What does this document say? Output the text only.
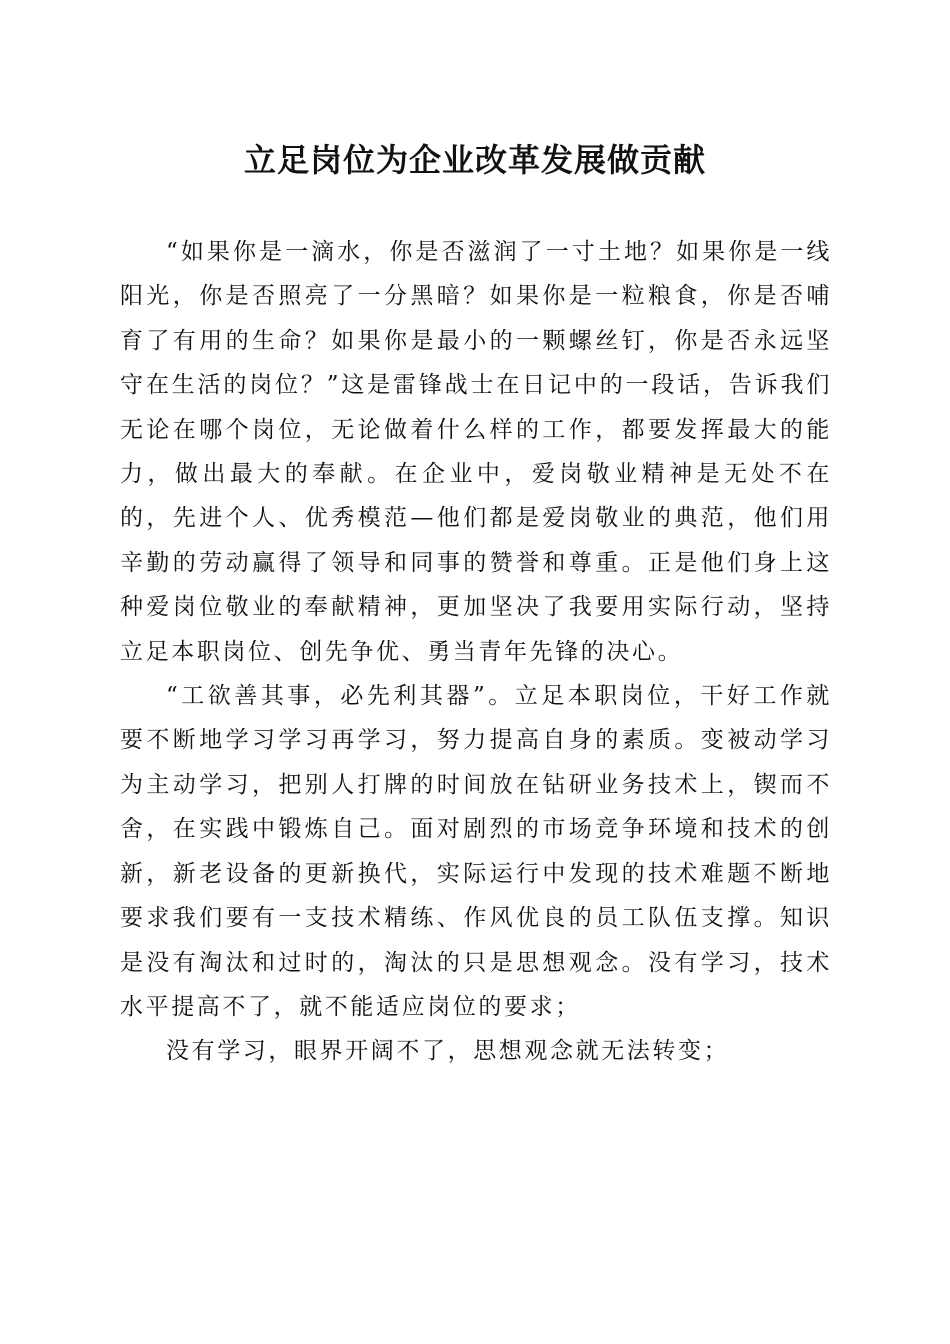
立足岗位为企业改革发展做贡献

“如果你是一滴水，你是否滋润了一寸土地？如果你是一线阳光，你是否照亮了一分黑暗？如果你是一粒粮食，你是否哺育了有用的生命？如果你是最小的一颗螺丝钉，你是否永远坚守在生活的岗位？”这是雷锋战士在日记中的一段话，告诉我们无论在哪个岗位，无论做着什么样的工作，都要发挥最大的能力，做出最大的奉献。在企业中，爱岗敬业精神是无处不在的，先进个人、优秀模范—他们都是爱岗敬业的典范，他们用辛勤的劳动赢得了领导和同事的赞誉和尊重。正是他们身上这种爱岗位敬业的奉献精神，更加坚决了我要用实际行动，坚持立足本职岗位、创先争优、勇当青年先锋的决心。

“工欲善其事，必先利其器”。立足本职岗位，干好工作就要不断地学习学习再学习，努力提高自身的素质。变被动学习为主动学习，把别人打牌的时间放在钻研业务技术上，锲而不舍，在实践中锻炼自己。面对剧烈的市场竞争环境和技术的创新，新老设备的更新换代，实际运行中发现的技术难题不断地要求我们要有一支技术精练、作风优良的员工队伍支撑。知识是没有淘汰和过时的，淘汰的只是思想观念。没有学习，技术水平提高不了，就不能适应岗位的要求；

没有学习，眼界开阔不了，思想观念就无法转变；
